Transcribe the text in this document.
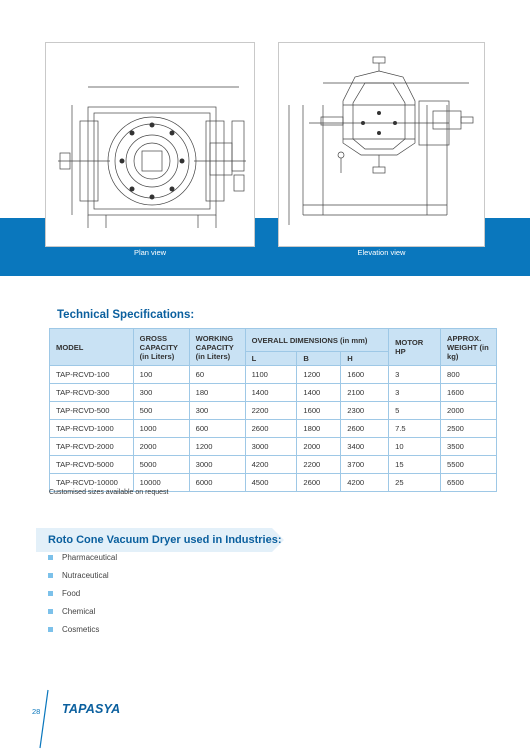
Plan view	Elevation view
Technical Specifications:
MODEL	GROSS CAPACITY (in Liters)	WORKING CAPACITY (in Liters)	OVERALL DIMENSIONS (in mm)			MOTOR HP	APPROX. WEIGHT (in kg)
			L	B	H		
TAP-RCVD-100	100	60	1100	1200	1600	3	800
TAP-RCVD-300	300	180	1400	1400	2100	3	1600
TAP-RCVD-500	500	300	2200	1600	2300	5	2000
TAP-RCVD-1000	1000	600	2600	1800	2600	7.5	2500
TAP-RCVD-2000	2000	1200	3000	2000	3400	10	3500
TAP-RCVD-5000	5000	3000	4200	2200	3700	15	5500
TAP-RCVD-10000	10000	6000	4500	2600	4200	25	6500
Customised sizes available on request
Roto Cone Vacuum Dryer used in Industries:
Pharmaceutical
Nutraceutical
Food
Chemical
Cosmetics
28 TAPASYA
